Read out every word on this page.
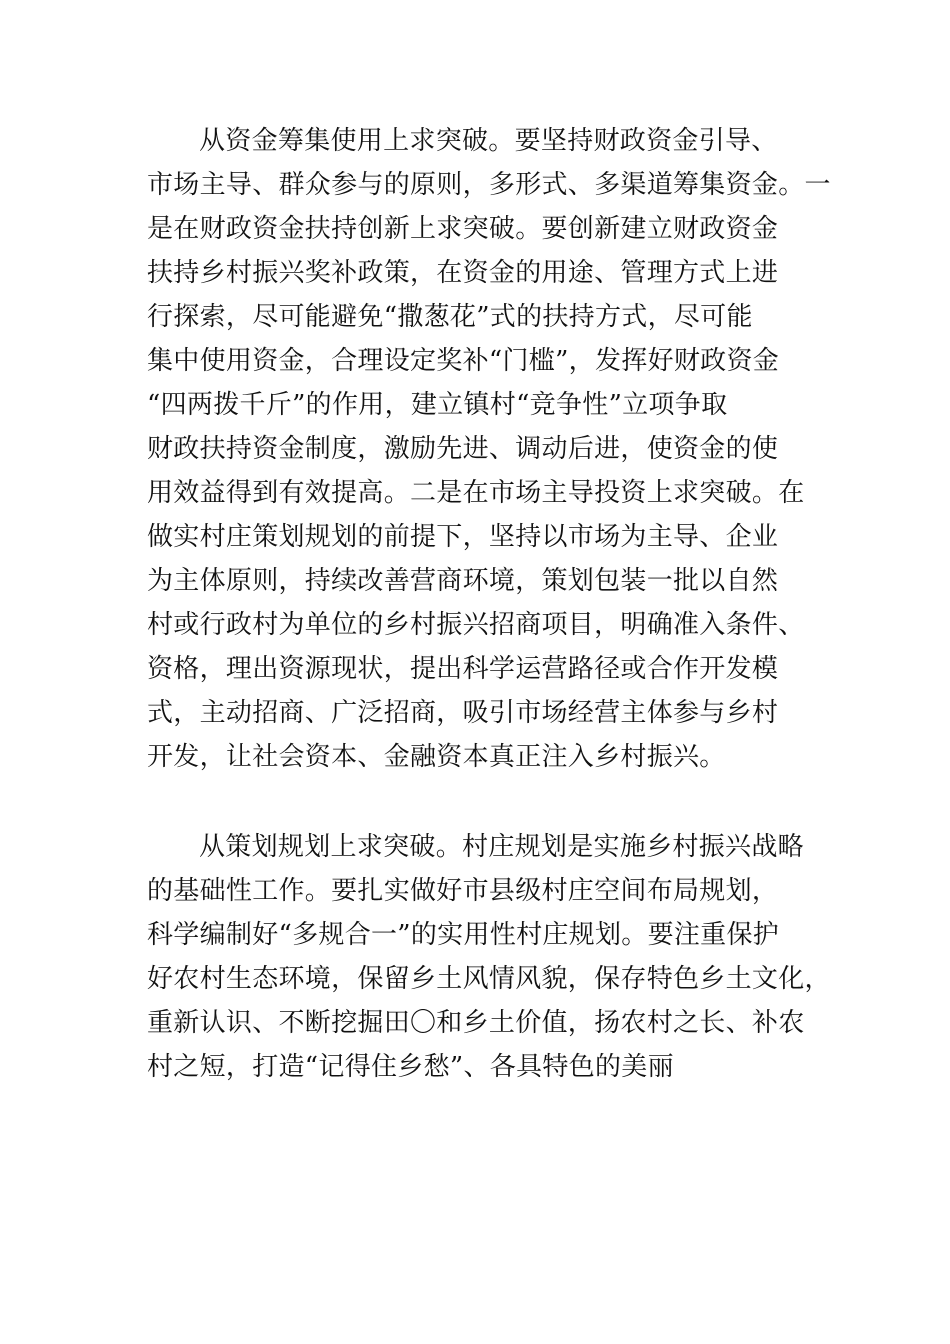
从资金筹集使用上求突破。要坚持财政资金引导、
市场主导、群众参与的原则，多形式、多渠道筹集资金。一
是在财政资金扶持创新上求突破。要创新建立财政资金
扶持乡村振兴奖补政策，在资金的用途、管理方式上进
行探索，尽可能避免“撒葱花”式的扶持方式，尽可能
集中使用资金，合理设定奖补“门槛”，发挥好财政资金
“四两拨千斤”的作用，建立镇村“竞争性”立项争取
财政扶持资金制度，激励先进、调动后进，使资金的使
用效益得到有效提高。二是在市场主导投资上求突破。在
做实村庄策划规划的前提下，坚持以市场为主导、企业
为主体原则，持续改善营商环境，策划包装一批以自然
村或行政村为单位的乡村振兴招商项目，明确准入条件、
资格，理出资源现状，提出科学运营路径或合作开发模
式，主动招商、广泛招商，吸引市场经营主体参与乡村
开发，让社会资本、金融资本真正注入乡村振兴。
从策划规划上求突破。村庄规划是实施乡村振兴战略
的基础性工作。要扎实做好市县级村庄空间布局规划，
科学编制好“多规合一”的实用性村庄规划。要注重保护
好农村生态环境，保留乡土风情风貌，保存特色乡土文化，
重新认识、不断挖掘田〇和乡土价值，扬农村之长、补农
村之短，打造“记得住乡愁”、各具特色的美丽
